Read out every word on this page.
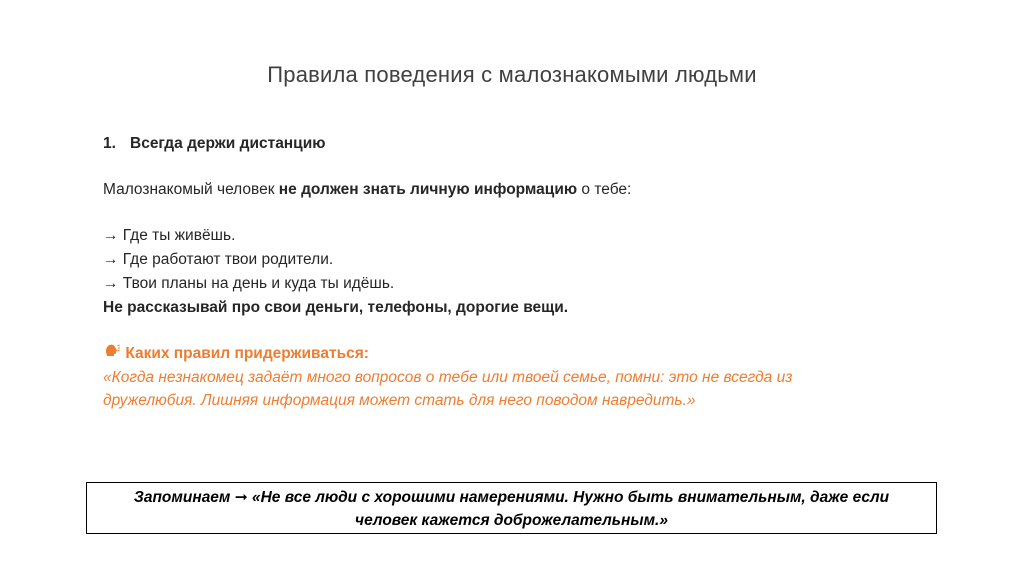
Правила поведения с малознакомыми людьми
1. Всегда держи дистанцию
Малознакомый человек не должен знать личную информацию о тебе:
→ Где ты живёшь.
→ Где работают твои родители.
→ Твои планы на день и куда ты идёшь.
Не рассказывай про свои деньги, телефоны, дорогие вещи.
Каких правил придерживаться:
«Когда незнакомец задаёт много вопросов о тебе или твоей семье, помни: это не всегда из
дружелюбия. Лишняя информация может стать для него поводом навредить.»
Запоминаем ➞ «Не все люди с хорошими намерениями. Нужно быть внимательным, даже если
человек кажется доброжелательным.»
